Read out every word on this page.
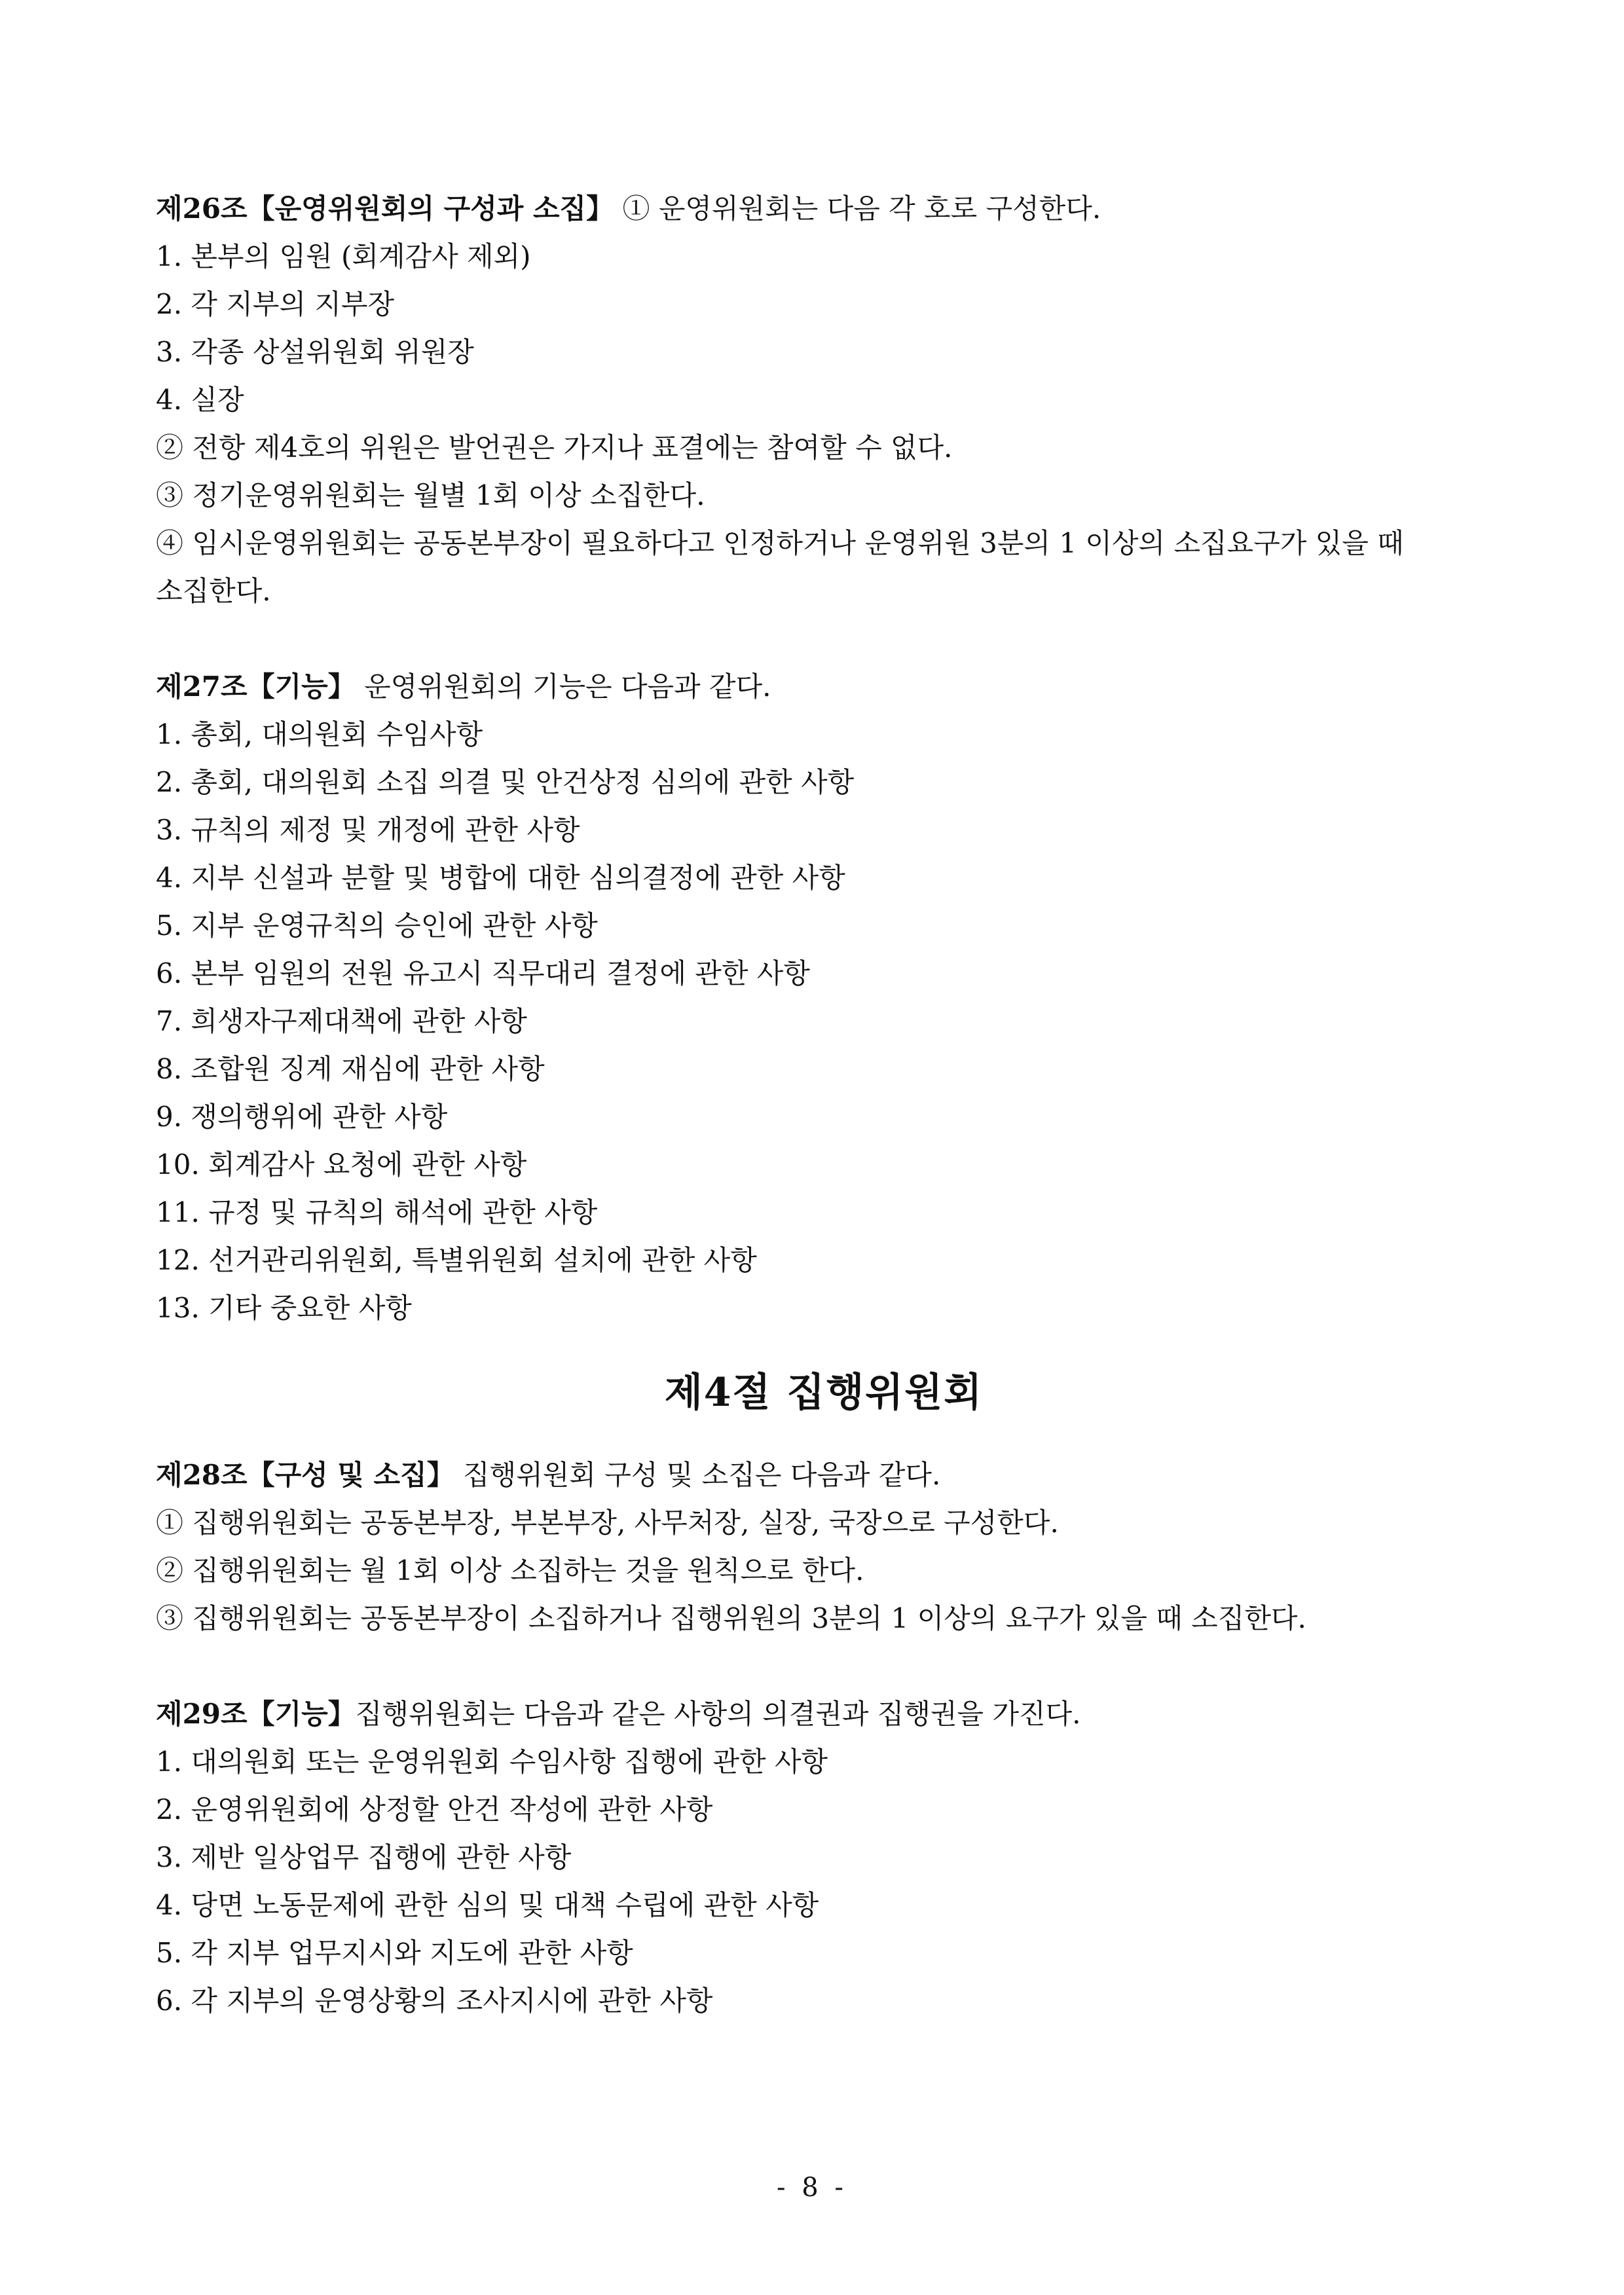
제26조【운영위원회의 구성과 소집】 ① 운영위원회는 다음 각 호로 구성한다.

1. 본부의 임원 (회계감사 제외)

2. 각 지부의 지부장

3. 각종 상설위원회 위원장

4. 실장

② 전항 제4호의 위원은 발언권은 가지나 표결에는 참여할 수 없다.

③ 정기운영위원회는 월별 1회 이상 소집한다.

④ 임시운영위원회는 공동본부장이 필요하다고 인정하거나 운영위원 3분의 1 이상의 소집요구가 있을 때 소집한다.

제27조【기능】 운영위원회의 기능은 다음과 같다.

1. 총회, 대의원회 수임사항

2. 총회, 대의원회 소집 의결 및 안건상정 심의에 관한 사항

3. 규칙의 제정 및 개정에 관한 사항

4. 지부 신설과 분할 및 병합에 대한 심의결정에 관한 사항

5. 지부 운영규칙의 승인에 관한 사항

6. 본부 임원의 전원 유고시 직무대리 결정에 관한 사항

7. 희생자구제대책에 관한 사항

8. 조합원 징계 재심에 관한 사항

9. 쟁의행위에 관한 사항

10. 회계감사 요청에 관한 사항

11. 규정 및 규칙의 해석에 관한 사항

12. 선거관리위원회, 특별위원회 설치에 관한 사항

13. 기타 중요한 사항

제4절 집행위원회

제28조【구성 및 소집】 집행위원회 구성 및 소집은 다음과 같다.

① 집행위원회는 공동본부장, 부본부장, 사무처장, 실장, 국장으로 구성한다.

② 집행위원회는 월 1회 이상 소집하는 것을 원칙으로 한다.

③ 집행위원회는 공동본부장이 소집하거나 집행위원의 3분의 1 이상의 요구가 있을 때 소집한다.

제29조【기능】집행위원회는 다음과 같은 사항의 의결권과 집행권을 가진다.

1. 대의원회 또는 운영위원회 수임사항 집행에 관한 사항

2. 운영위원회에 상정할 안건 작성에 관한 사항

3. 제반 일상업무 집행에 관한 사항

4. 당면 노동문제에 관한 심의 및 대책 수립에 관한 사항

5. 각 지부 업무지시와 지도에 관한 사항

6. 각 지부의 운영상황의 조사지시에 관한 사항

- 8 -
